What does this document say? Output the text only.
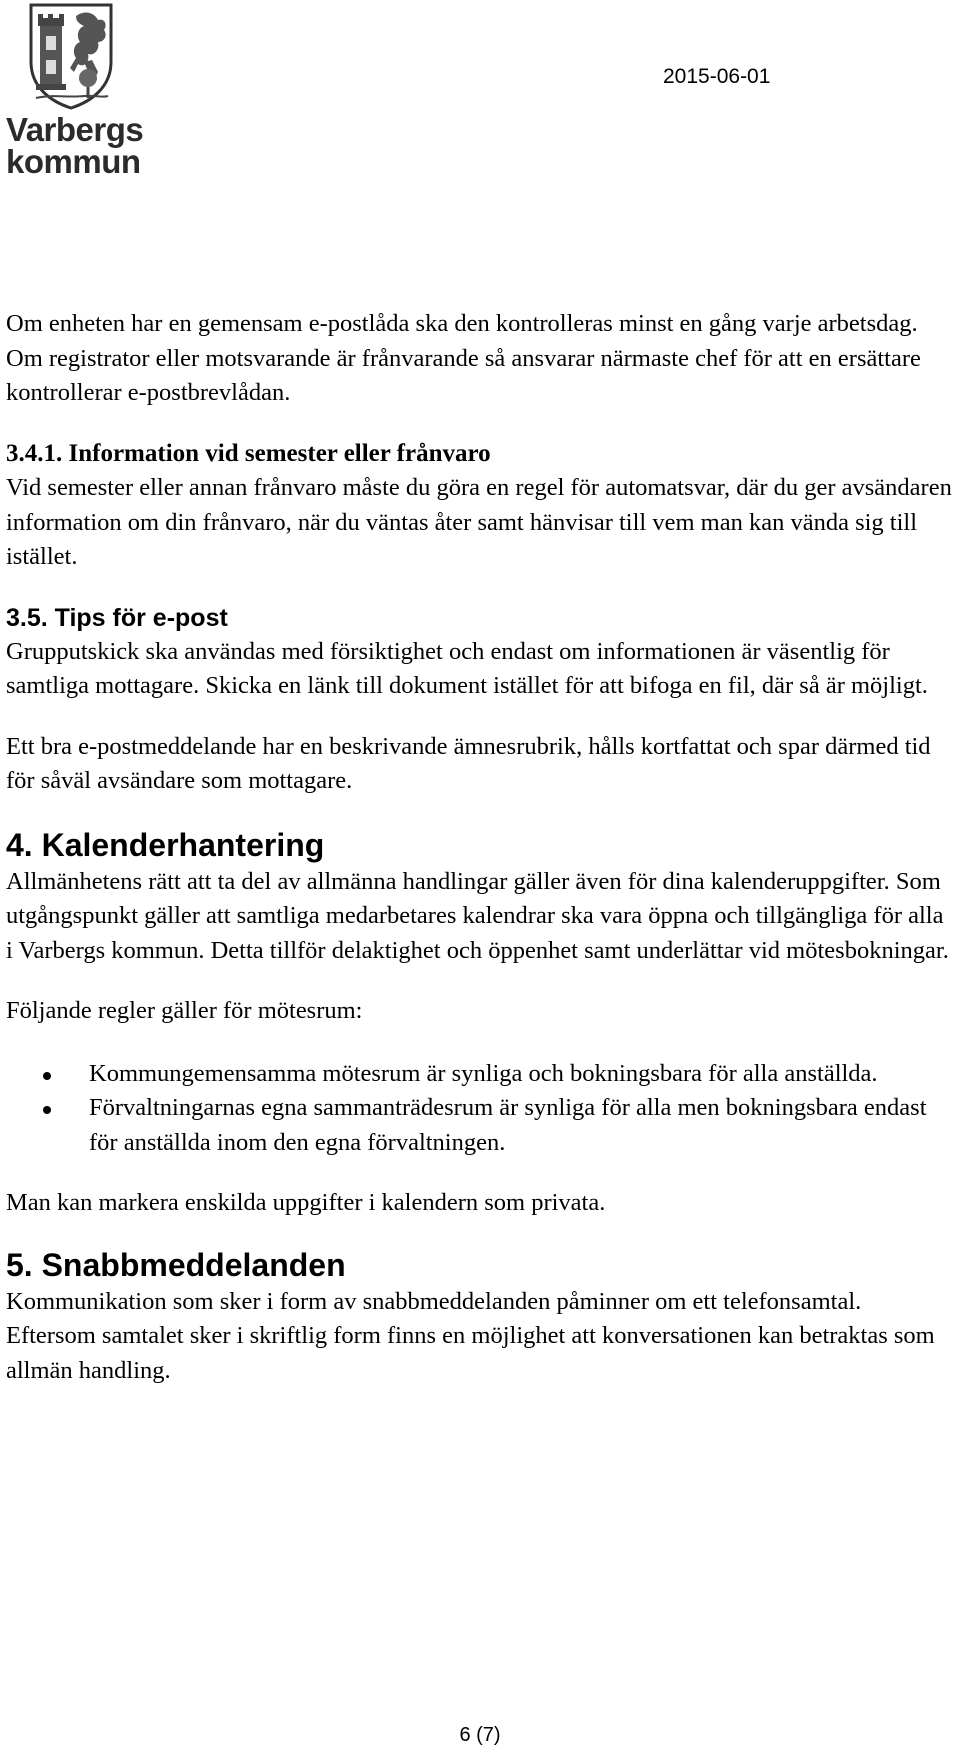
Varbergs
kommun
2015-06-01

Om enheten har en gemensam e-postlåda ska den kontrolleras minst en gång varje arbetsdag. Om registrator eller motsvarande är frånvarande så ansvarar närmaste chef för att en ersättare kontrollerar e-postbrevlådan.

3.4.1. Information vid semester eller frånvaro

Vid semester eller annan frånvaro måste du göra en regel för automatsvar, där du ger avsändaren information om din frånvaro, när du väntas åter samt hänvisar till vem man kan vända sig till istället.

3.5. Tips för e-post

Grupputskick ska användas med försiktighet och endast om informationen är väsentlig för samtliga mottagare. Skicka en länk till dokument istället för att bifoga en fil, där så är möjligt.

Ett bra e-postmeddelande har en beskrivande ämnesrubrik, hålls kortfattat och spar därmed tid för såväl avsändare som mottagare.

4. Kalenderhantering

Allmänhetens rätt att ta del av allmänna handlingar gäller även för dina kalenderuppgifter. Som utgångspunkt gäller att samtliga medarbetares kalendrar ska vara öppna och tillgängliga för alla i Varbergs kommun. Detta tillför delaktighet och öppenhet samt underlättar vid mötesbokningar.

Följande regler gäller för mötesrum:

Kommungemensamma mötesrum är synliga och bokningsbara för alla anställda.
Förvaltningarnas egna sammanträdesrum är synliga för alla men bokningsbara endast för anställda inom den egna förvaltningen.

Man kan markera enskilda uppgifter i kalendern som privata.

5. Snabbmeddelanden

Kommunikation som sker i form av snabbmeddelanden påminner om ett telefonsamtal. Eftersom samtalet sker i skriftlig form finns en möjlighet att konversationen kan betraktas som allmän handling.

6 (7)
